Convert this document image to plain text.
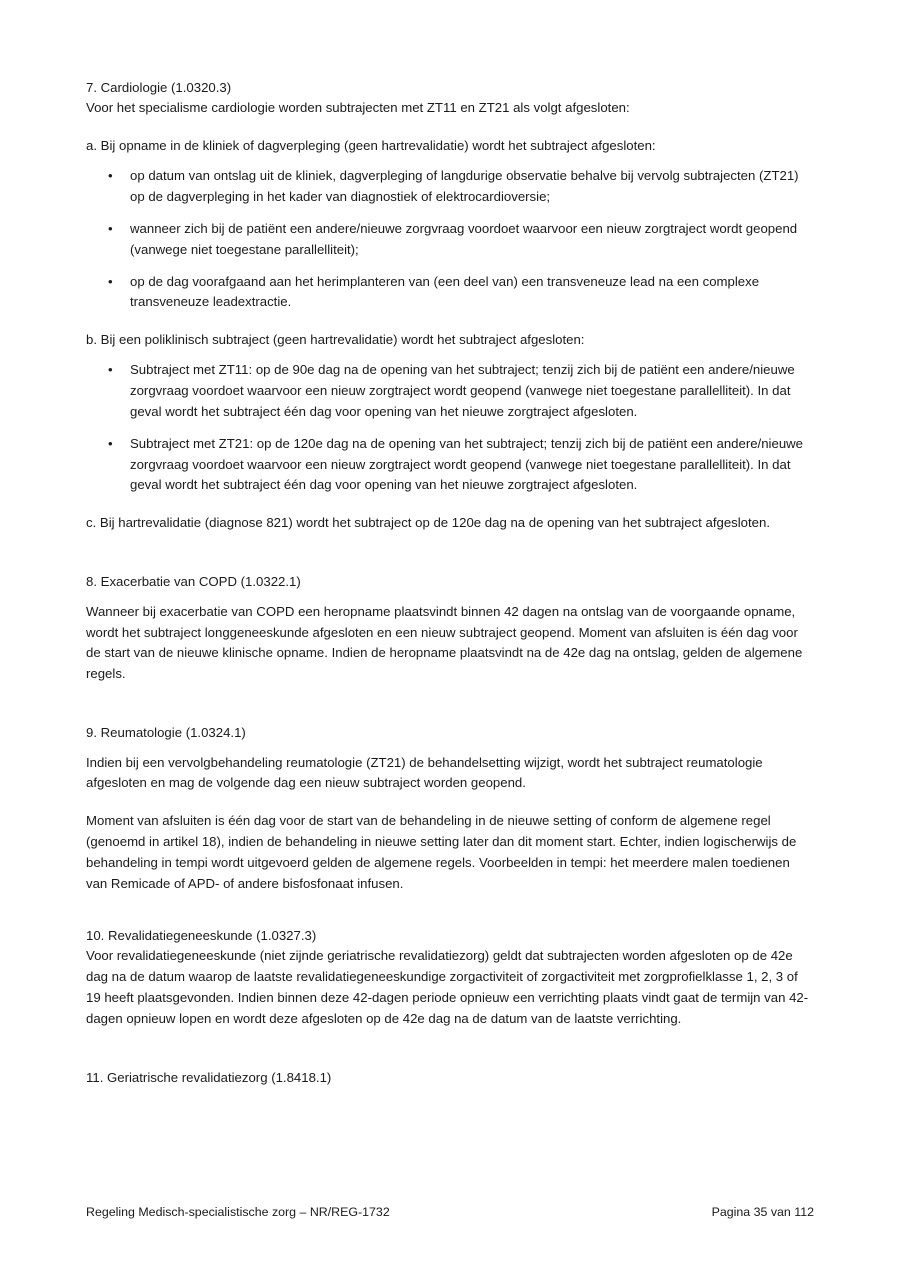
7. Cardiologie (1.0320.3)

Voor het specialisme cardiologie worden subtrajecten met ZT11 en ZT21 als volgt afgesloten:

a. Bij opname in de kliniek of dagverpleging (geen hartrevalidatie) wordt het subtraject afgesloten:

• op datum van ontslag uit de kliniek, dagverpleging of langdurige observatie behalve bij vervolg subtrajecten (ZT21) op de dagverpleging in het kader van diagnostiek of elektrocardioversie;
• wanneer zich bij de patiënt een andere/nieuwe zorgvraag voordoet waarvoor een nieuw zorgtraject wordt geopend (vanwege niet toegestane parallelliteit);
• op de dag voorafgaand aan het herimplanteren van (een deel van) een transveneuze lead na een complexe transveneuze leadextractie.

b. Bij een poliklinisch subtraject (geen hartrevalidatie) wordt het subtraject afgesloten:

• Subtraject met ZT11: op de 90e dag na de opening van het subtraject; tenzij zich bij de patiënt een andere/nieuwe zorgvraag voordoet waarvoor een nieuw zorgtraject wordt geopend (vanwege niet toegestane parallelliteit). In dat geval wordt het subtraject één dag voor opening van het nieuwe zorgtraject afgesloten.
• Subtraject met ZT21: op de 120e dag na de opening van het subtraject; tenzij zich bij de patiënt een andere/nieuwe zorgvraag voordoet waarvoor een nieuw zorgtraject wordt geopend (vanwege niet toegestane parallelliteit). In dat geval wordt het subtraject één dag voor opening van het nieuwe zorgtraject afgesloten.

c. Bij hartrevalidatie (diagnose 821) wordt het subtraject op de 120e dag na de opening van het subtraject afgesloten.

8. Exacerbatie van COPD (1.0322.1)

Wanneer bij exacerbatie van COPD een heropname plaatsvindt binnen 42 dagen na ontslag van de voorgaande opname, wordt het subtraject longgeneeskunde afgesloten en een nieuw subtraject geopend. Moment van afsluiten is één dag voor de start van de nieuwe klinische opname. Indien de heropname plaatsvindt na de 42e dag na ontslag, gelden de algemene regels.

9. Reumatologie (1.0324.1)

Indien bij een vervolgbehandeling reumatologie (ZT21) de behandelsetting wijzigt, wordt het subtraject reumatologie afgesloten en mag de volgende dag een nieuw subtraject worden geopend.

Moment van afsluiten is één dag voor de start van de behandeling in de nieuwe setting of conform de algemene regel (genoemd in artikel 18), indien de behandeling in nieuwe setting later dan dit moment start. Echter, indien logischerwijs de behandeling in tempi wordt uitgevoerd gelden de algemene regels. Voorbeelden in tempi: het meerdere malen toedienen van Remicade of APD- of andere bisfosfonaat infusen.

10. Revalidatiegeneeskunde (1.0327.3)

Voor revalidatiegeneeskunde (niet zijnde geriatrische revalidatiezorg) geldt dat subtrajecten worden afgesloten op de 42e dag na de datum waarop de laatste revalidatiegeneeskundige zorgactiviteit of zorgactiviteit met zorgprofielklasse 1, 2, 3 of 19 heeft plaatsgevonden. Indien binnen deze 42-dagen periode opnieuw een verrichting plaats vindt gaat de termijn van 42-dagen opnieuw lopen en wordt deze afgesloten op de 42e dag na de datum van de laatste verrichting.

11. Geriatrische revalidatiezorg (1.8418.1)

Regeling Medisch-specialistische zorg – NR/REG-1732	Pagina 35 van 112
